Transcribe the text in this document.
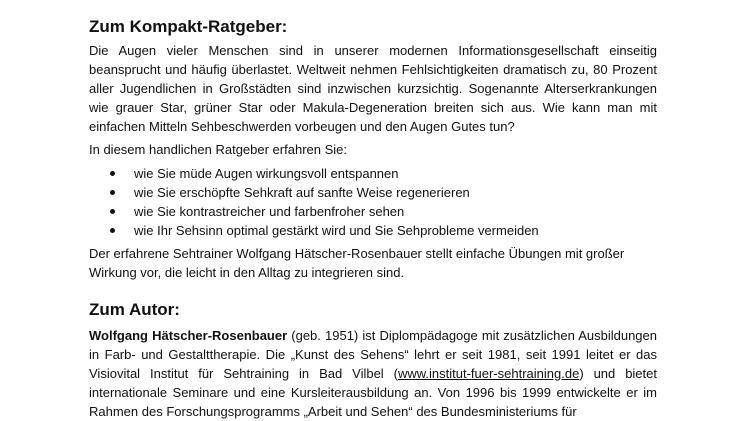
Zum Kompakt-Ratgeber:

Die Augen vieler Menschen sind in unserer modernen Informationsgesellschaft einseitig beansprucht und häufig überlastet. Weltweit nehmen Fehlsichtigkeiten dramatisch zu, 80 Prozent aller Jugendlichen in Großstädten sind inzwischen kurzsichtig. Sogenannte Alterserkrankungen wie grauer Star, grüner Star oder Makula-Degeneration breiten sich aus. Wie kann man mit einfachen Mitteln Sehbeschwerden vorbeugen und den Augen Gutes tun?

In diesem handlichen Ratgeber erfahren Sie:

wie Sie müde Augen wirkungsvoll entspannen
wie Sie erschöpfte Sehkraft auf sanfte Weise regenerieren
wie Sie kontrastreicher und farbenfroher sehen
wie Ihr Sehsinn optimal gestärkt wird und Sie Sehprobleme vermeiden

Der erfahrene Sehtrainer Wolfgang Hätscher-Rosenbauer stellt einfache Übungen mit großer Wirkung vor, die leicht in den Alltag zu integrieren sind.

Zum Autor:

Wolfgang Hätscher-Rosenbauer (geb. 1951) ist Diplompädagoge mit zusätzlichen Ausbildungen in Farb- und Gestalttherapie. Die „Kunst des Sehens“ lehrt er seit 1981, seit 1991 leitet er das Visiovital Institut für Sehtraining in Bad Vilbel (www.institut-fuer-sehtraining.de) und bietet internationale Seminare und eine Kursleiterausbildung an. Von 1996 bis 1999 entwickelte er im Rahmen des Forschungsprogramms „Arbeit und Sehen“ des Bundesministeriums für
